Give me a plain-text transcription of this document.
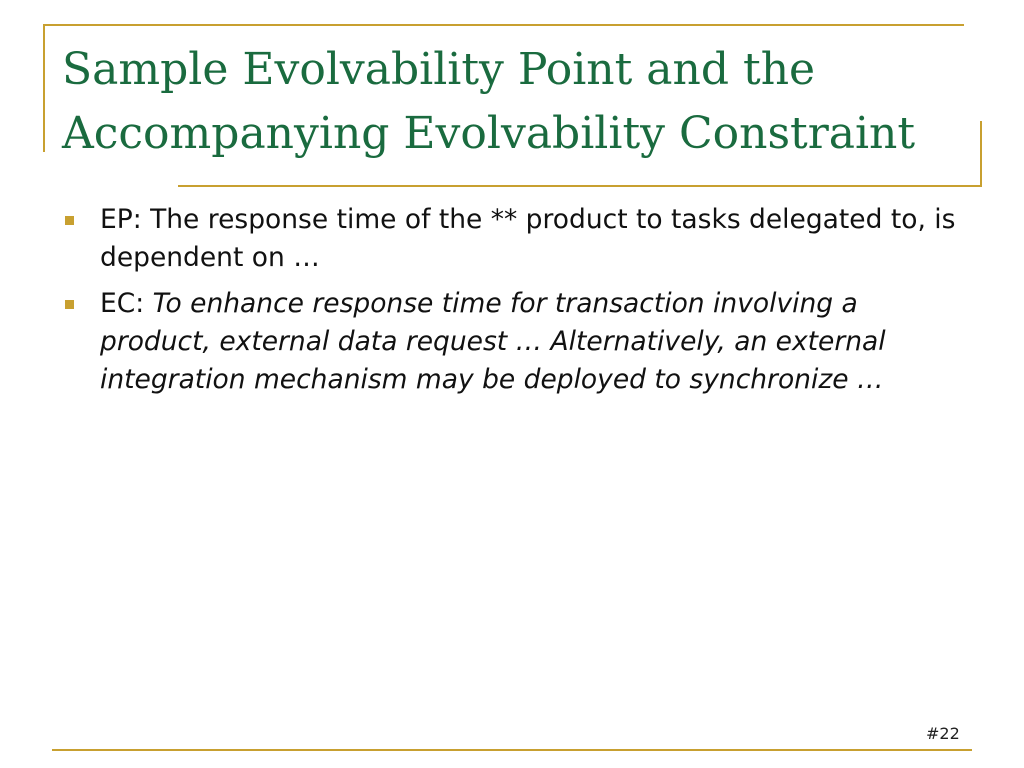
Sample Evolvability Point and the
Accompanying Evolvability Constraint
EP: The response time of the ** product to tasks delegated to, is dependent on …
EC: To enhance response time for transaction involving a product, external data request … Alternatively, an external integration mechanism may be deployed to synchronize …
#22
